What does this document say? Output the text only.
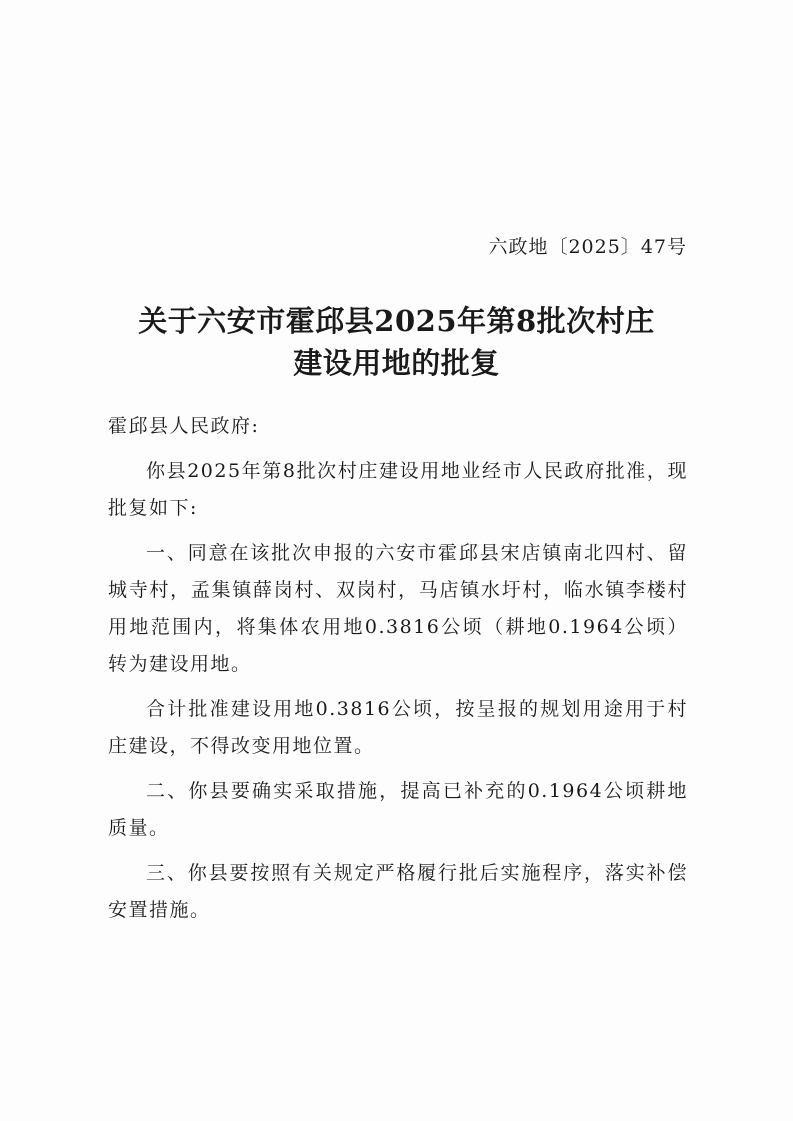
六政地〔2025〕47号
关于六安市霍邱县2025年第8批次村庄
建设用地的批复

霍邱县人民政府:

你县2025年第8批次村庄建设用地业经市人民政府批准，现批复如下:

一、同意在该批次申报的六安市霍邱县宋店镇南北四村、留城寺村，孟集镇薛岗村、双岗村，马店镇水圩村，临水镇李楼村用地范围内，将集体农用地0.3816公顷（耕地0.1964公顷）转为建设用地。

合计批准建设用地0.3816公顷，按呈报的规划用途用于村庄建设，不得改变用地位置。

二、你县要确实采取措施，提高已补充的0.1964公顷耕地质量。

三、你县要按照有关规定严格履行批后实施程序，落实补偿安置措施。
